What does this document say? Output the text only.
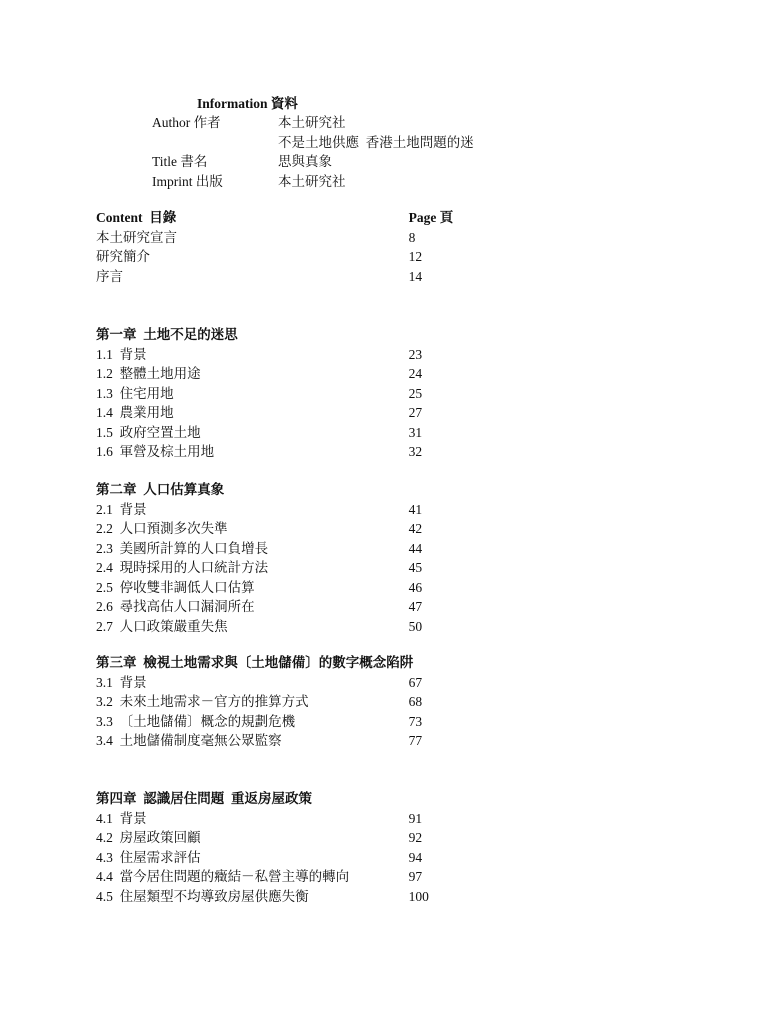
Information 資料
Author 作者	本土研究社
不是土地供應  香港土地問題的迷
Title 書名	思與真象
Imprint 出版	本土研究社
Content  目錄	Page 頁
本土研究宣言	8
研究簡介	12
序言	14
第一章  土地不足的迷思
1.1  背景	23
1.2  整體土地用途	24
1.3  住宅用地	25
1.4  農業用地	27
1.5  政府空置土地	31
1.6  軍營及棕土用地	32
第二章  人口估算真象
2.1  背景	41
2.2  人口預測多次失準	42
2.3  美國所計算的人口負增長	44
2.4  現時採用的人口統計方法	45
2.5  停收雙非調低人口估算	46
2.6  尋找高估人口漏洞所在	47
2.7  人口政策嚴重失焦	50
第三章  檢視土地需求與〔土地儲備〕的數字概念陷阱
3.1  背景	67
3.2  未來土地需求－官方的推算方式	68
3.3  〔土地儲備〕概念的規劃危機	73
3.4  土地儲備制度毫無公眾監察	77
第四章  認識居住問題  重返房屋政策
4.1  背景	91
4.2  房屋政策回顧	92
4.3  住屋需求評估	94
4.4  當今居住問題的癥結－私營主導的轉向	97
4.5  住屋類型不均導致房屋供應失衡	100
